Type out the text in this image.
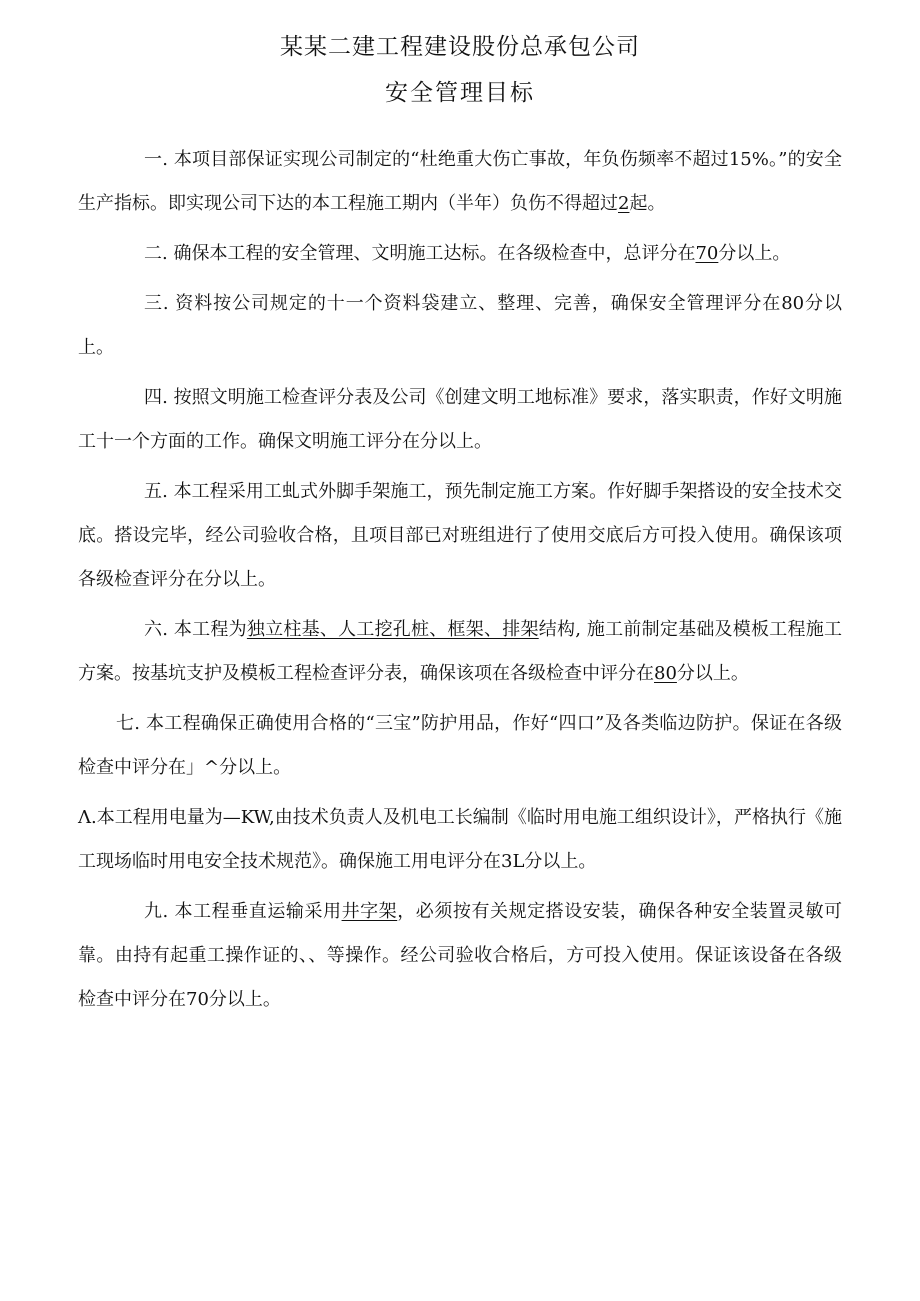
某某二建工程建设股份总承包公司
安全管理目标

一. 本项目部保证实现公司制定的“杜绝重大伤亡事故，年负伤频率不超过15%。”的安全生产指标。即实现公司下达的本工程施工期内（半年）负伤不得超过2起。

二. 确保本工程的安全管理、文明施工达标。在各级检查中，总评分在70分以上。

三. 资料按公司规定的十一个资料袋建立、整理、完善，确保安全管理评分在80分以上。

四. 按照文明施工检查评分表及公司《创建文明工地标准》要求，落实职责，作好文明施工十一个方面的工作。确保文明施工评分在分以上。

五. 本工程采用工虬式外脚手架施工，预先制定施工方案。作好脚手架搭设的安全技术交底。搭设完毕，经公司验收合格，且项目部已对班组进行了使用交底后方可投入使用。确保该项各级检查评分在分以上。

六. 本工程为独立柱基、人工挖孔桩、框架、排架结构, 施工前制定基础及模板工程施工方案。按基坑支护及模板工程检查评分表，确保该项在各级检查中评分在80分以上。

七. 本工程确保正确使用合格的“三宝”防护用品，作好“四口”及各类临边防护。保证在各级检查中评分在」^分以上。

Λ.本工程用电量为—KW,由技术负责人及机电工长编制《临时用电施工组织设计》，严格执行《施工现场临时用电安全技术规范》。确保施工用电评分在3L分以上。

九. 本工程垂直运输采用井字架，必须按有关规定搭设安装，确保各种安全装置灵敏可靠。由持有起重工操作证的、、等操作。经公司验收合格后，方可投入使用。保证该设备在各级检查中评分在70分以上。
